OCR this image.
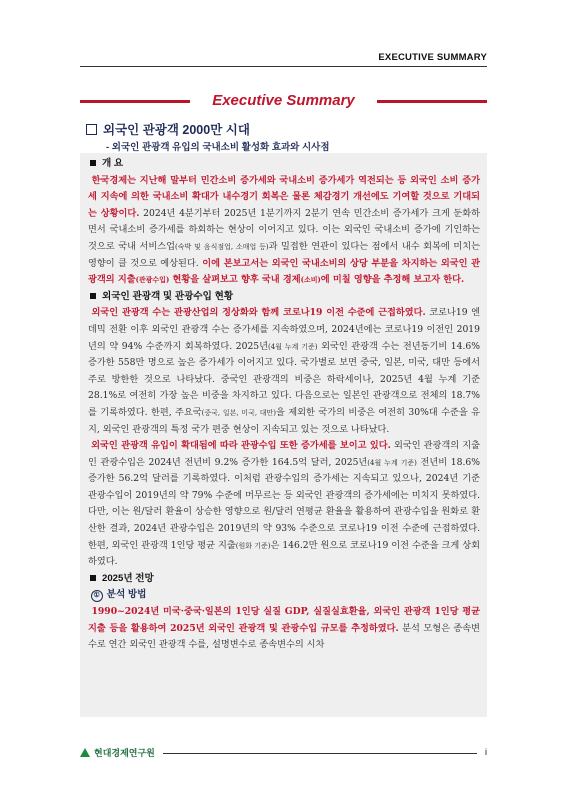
EXECUTIVE SUMMARY
Executive Summary
외국인 관광객 2000만 시대
- 외국인 관광객 유입의 국내소비 활성화 효과와 시사점

개 요

한국경제는 지난해 말부터 민간소비 증가세와 국내소비 증가세가 역전되는 등 외국인 소비 증가세 지속에 의한 국내소비 확대가 내수경기 회복은 물론 체감경기 개선에도 기여할 것으로 기대되는 상황이다. 2024년 4분기부터 2025년 1분기까지 2분기 연속 민간소비 증가세가 크게 둔화하면서 국내소비 증가세를 하회하는 현상이 이어지고 있다. 이는 외국인 국내소비 증가에 기인하는 것으로 국내 서비스업(숙박 및 음식점업, 소매업 등)과 밀접한 연관이 있다는 점에서 내수 회복에 미치는 영향이 클 것으로 예상된다. 이에 본보고서는 외국인 국내소비의 상당 부분을 차지하는 외국인 관광객의 지출(관광수입) 현황을 살펴보고 향후 국내 경제(소비)에 미칠 영향을 추정해 보고자 한다.

외국인 관광객 및 관광수입 현황

외국인 관광객 수는 관광산업의 정상화와 함께 코로나19 이전 수준에 근접하였다. 코로나19 엔데믹 전환 이후 외국인 관광객 수는 증가세를 지속하였으며, 2024년에는 코로나19 이전인 2019년의 약 94% 수준까지 회복하였다. 2025년(4월 누계 기준) 외국인 관광객 수는 전년동기비 14.6% 증가한 558만 명으로 높은 증가세가 이어지고 있다. 국가별로 보면 중국, 일본, 미국, 대만 등에서 주로 방한한 것으로 나타났다. 중국인 관광객의 비중은 하락세이나, 2025년 4월 누계 기준 28.1%로 여전히 가장 높은 비중을 차지하고 있다. 다음으로는 일본인 관광객으로 전체의 18.7%를 기록하였다. 한편, 주요국(중국, 일본, 미국, 대만)을 제외한 국가의 비중은 여전히 30%대 수준을 유지, 외국인 관광객의 특정 국가 편중 현상이 지속되고 있는 것으로 나타났다.

외국인 관광객 유입이 확대됨에 따라 관광수입 또한 증가세를 보이고 있다. 외국인 관광객의 지출인 관광수입은 2024년 전년비 9.2% 증가한 164.5억 달러, 2025년(4월 누계 기준) 전년비 18.6% 증가한 56.2억 달러를 기록하였다. 이처럼 관광수입의 증가세는 지속되고 있으나, 2024년 기준 관광수입이 2019년의 약 79% 수준에 머무르는 등 외국인 관광객의 증가세에는 미치지 못하였다. 다만, 이는 원/달러 환율이 상승한 영향으로 원/달러 연평균 환율을 활용하여 관광수입을 원화로 환산한 결과, 2024년 관광수입은 2019년의 약 93% 수준으로 코로나19 이전 수준에 근접하였다. 한편, 외국인 관광객 1인당 평균 지출(원화 기준)은 146.2만 원으로 코로나19 이전 수준을 크게 상회하였다.

2025년 전망

① 분석 방법

1990~2024년 미국·중국·일본의 1인당 실질 GDP, 실질실효환율, 외국인 관광객 1인당 평균 지출 등을 활용하여 2025년 외국인 관광객 및 관광수입 규모를 추정하였다. 분석 모형은 종속변수로 연간 외국인 관광객 수를, 설명변수로 종속변수의 시차

현대경제연구원	i
